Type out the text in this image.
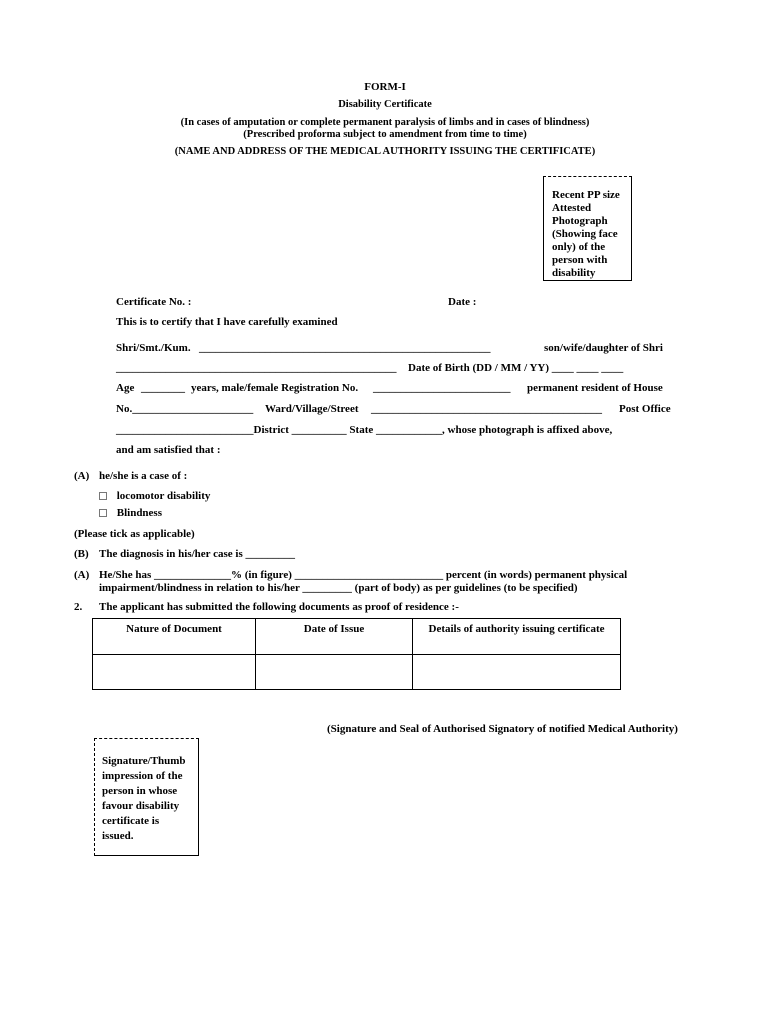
FORM-I
Disability Certificate
(In cases of amputation or complete permanent paralysis of limbs and in cases of blindness)
(Prescribed proforma subject to amendment from time to time)
(NAME AND ADDRESS OF THE MEDICAL AUTHORITY ISSUING THE CERTIFICATE)
Recent PP size
Attested
Photograph
(Showing face
only) of the
person with
disability
Certificate No. :	Date :
This is to certify that I have carefully examined
Shri/Smt./Kum. _____________________________________________________	son/wife/daughter of Shri
___________________________________________________ Date of Birth (DD / MM / YY) ____ ____ ____
Age ________ years, male/female Registration No. _________________________ permanent resident of House
No.______________________ Ward/Village/Street __________________________________________ Post Office
_________________________District __________ State ____________, whose photograph is affixed above,
and am satisfied that :
(A) he/she is a case of :
locomotor disability
Blindness
(Please tick as applicable)
(B) The diagnosis in his/her case is _________
(A) He/She has ______________% (in figure) ___________________________ percent (in words) permanent physical
impairment/blindness in relation to his/her _________ (part of body) as per guidelines (to be specified)
2. The applicant has submitted the following documents as proof of residence :-
Nature of Document	Date of Issue	Details of authority issuing certificate

(Signature and Seal of Authorised Signatory of notified Medical Authority)
Signature/Thumb
impression of the
person in whose
favour disability
certificate is
issued.
